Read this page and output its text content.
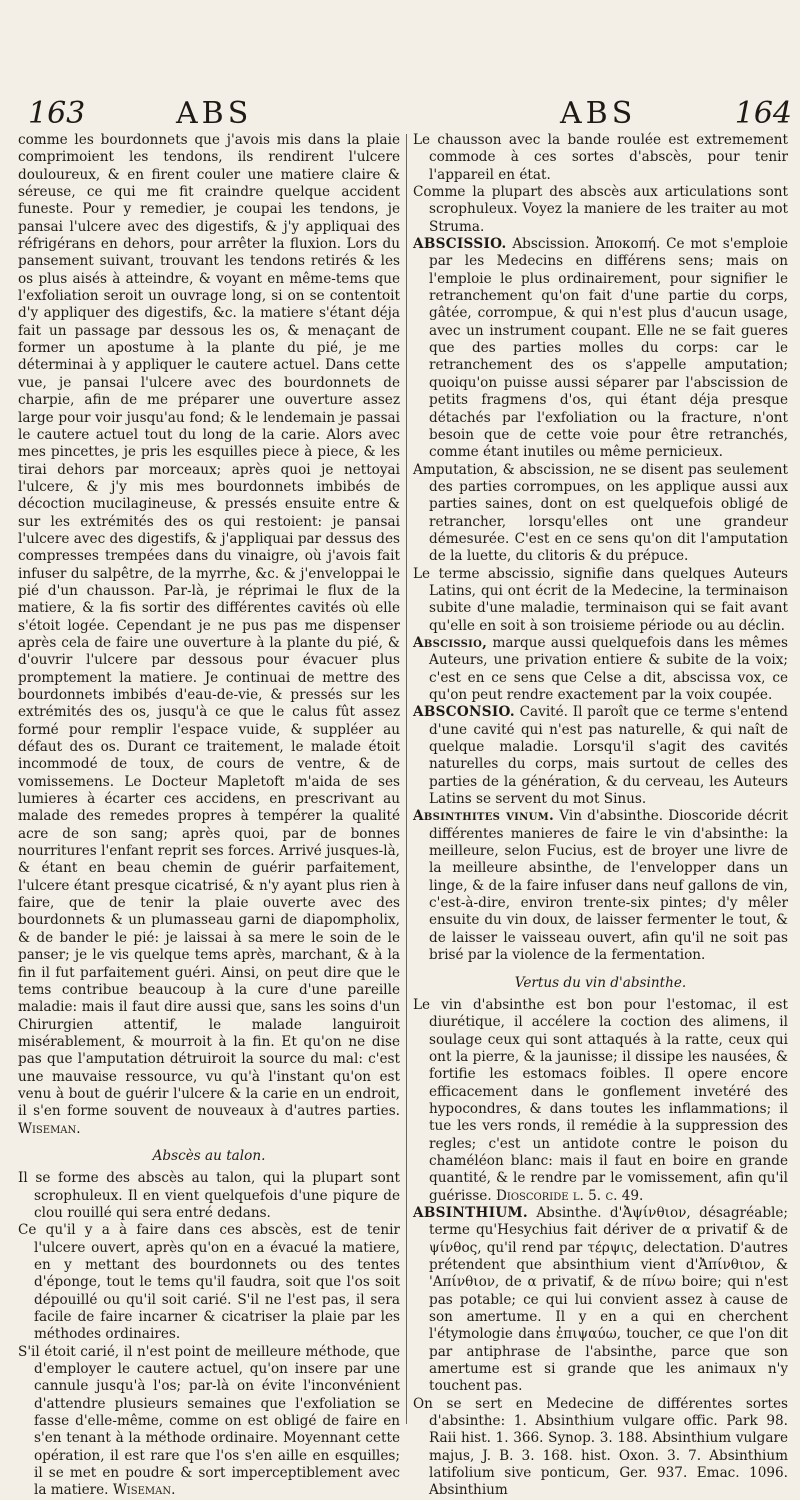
163	ABS	ABS	164

comme les bourdonnets que j'avois mis dans la plaie comprimoient les tendons, ils rendirent l'ulcere douloureux, & en firent couler une matiere claire & séreuse, ce qui me fit craindre quelque accident funeste. Pour y remedier, je coupai les tendons, je pansai l'ulcere avec des digestifs, & j'y appliquai des réfrigérans en dehors, pour arrêter la fluxion. Lors du pansement suivant, trouvant les tendons retirés & les os plus aisés à atteindre, & voyant en même-tems que l'exfoliation seroit un ouvrage long, si on se contentoit d'y appliquer des digestifs, &c. la matiere s'étant déja fait un passage par dessous les os, & menaçant de former un apostume à la plante du pié, je me déterminai à y appliquer le cautere actuel. Dans cette vue, je pansai l'ulcere avec des bourdonnets de charpie, afin de me préparer une ouverture assez large pour voir jusqu'au fond; & le lendemain je passai le cautere actuel tout du long de la carie. Alors avec mes pincettes, je pris les esquilles piece à piece, & les tirai dehors par morceaux; après quoi je nettoyai l'ulcere, & j'y mis mes bourdonnets imbibés de décoction mucilagineuse, & pressés ensuite entre & sur les extrémités des os qui restoient: je pansai l'ulcere avec des digestifs, & j'appliquai par dessus des compresses trempées dans du vinaigre, où j'avois fait infuser du salpêtre, de la myrrhe, &c. & j'enveloppai le pié d'un chausson. Par-là, je réprimai le flux de la matiere, & la fis sortir des différentes cavités où elle s'étoit logée. Cependant je ne pus pas me dispenser après cela de faire une ouverture à la plante du pié, & d'ouvrir l'ulcere par dessous pour évacuer plus promptement la matiere. Je continuai de mettre des bourdonnets imbibés d'eau-de-vie, & pressés sur les extrémités des os, jusqu'à ce que le calus fût assez formé pour remplir l'espace vuide, & suppléer au défaut des os. Durant ce traitement, le malade étoit incommodé de toux, de cours de ventre, & de vomissemens. Le Docteur Mapletoft m'aida de ses lumieres à écarter ces accidens, en prescrivant au malade des remedes propres à tempérer la qualité acre de son sang; après quoi, par de bonnes nourritures l'enfant reprit ses forces. Arrivé jusques-là, & étant en beau chemin de guérir parfaitement, l'ulcere étant presque cicatrisé, & n'y ayant plus rien à faire, que de tenir la plaie ouverte avec des bourdonnets & un plumasseau garni de diapompholix, & de bander le pié: je laissai à sa mere le soin de le panser; je le vis quelque tems après, marchant, & à la fin il fut parfaitement guéri. Ainsi, on peut dire que le tems contribue beaucoup à la cure d'une pareille maladie: mais il faut dire aussi que, sans les soins d'un Chirurgien attentif, le malade languiroit misérablement, & mourroit à la fin. Et qu'on ne dise pas que l'amputation détruiroit la source du mal: c'est une mauvaise ressource, vu qu'à l'instant qu'on est venu à bout de guérir l'ulcere & la carie en un endroit, il s'en forme souvent de nouveaux à d'autres parties. Wiseman.

Abscès au talon.

Il se forme des abscès au talon, qui la plupart sont scrophuleux. Il en vient quelquefois d'une piqure de clou rouillé qui sera entré dedans.

Ce qu'il y a à faire dans ces abscès, est de tenir l'ulcere ouvert, après qu'on en a évacué la matiere, en y mettant des bourdonnets ou des tentes d'éponge, tout le tems qu'il faudra, soit que l'os soit dépouillé ou qu'il soit carié. S'il ne l'est pas, il sera facile de faire incarner & cicatriser la plaie par les méthodes ordinaires.

S'il étoit carié, il n'est point de meilleure méthode, que d'employer le cautere actuel, qu'on insere par une cannule jusqu'à l'os; par-là on évite l'inconvénient d'attendre plusieurs semaines que l'exfoliation se fasse d'elle-même, comme on est obligé de faire en s'en tenant à la méthode ordinaire. Moyennant cette opération, il est rare que l'os s'en aille en esquilles; il se met en poudre & sort imperceptiblement avec la matiere. Wiseman.

Le chausson avec la bande roulée est extremement commode à ces sortes d'abscès, pour tenir l'appareil en état.

Comme la plupart des abscès aux articulations sont scrophuleux. Voyez la maniere de les traiter au mot Struma.

ABSCISSIO. Abscission. Ἀποκοπή. Ce mot s'emploie par les Medecins en différens sens; mais on l'emploie le plus ordinairement, pour signifier le retranchement qu'on fait d'une partie du corps, gâtée, corrompue, & qui n'est plus d'aucun usage, avec un instrument coupant. Elle ne se fait gueres que des parties molles du corps: car le retranchement des os s'appelle amputation; quoiqu'on puisse aussi séparer par l'abscission de petits fragmens d'os, qui étant déja presque détachés par l'exfoliation ou la fracture, n'ont besoin que de cette voie pour être retranchés, comme étant inutiles ou même pernicieux.

Amputation, & abscission, ne se disent pas seulement des parties corrompues, on les applique aussi aux parties saines, dont on est quelquefois obligé de retrancher, lorsqu'elles ont une grandeur démesurée. C'est en ce sens qu'on dit l'amputation de la luette, du clitoris & du prépuce.

Le terme abscissio, signifie dans quelques Auteurs Latins, qui ont écrit de la Medecine, la terminaison subite d'une maladie, terminaison qui se fait avant qu'elle en soit à son troisieme période ou au déclin.

Abscissio, marque aussi quelquefois dans les mêmes Auteurs, une privation entiere & subite de la voix; c'est en ce sens que Celse a dit, abscissa vox, ce qu'on peut rendre exactement par la voix coupée.

ABSCONSIO. Cavité. Il paroît que ce terme s'entend d'une cavité qui n'est pas naturelle, & qui naît de quelque maladie. Lorsqu'il s'agit des cavités naturelles du corps, mais surtout de celles des parties de la génération, & du cerveau, les Auteurs Latins se servent du mot Sinus.

Absinthites vinum. Vin d'absinthe. Dioscoride décrit différentes manieres de faire le vin d'absinthe: la meilleure, selon Fucius, est de broyer une livre de la meilleure absinthe, de l'envelopper dans un linge, & de la faire infuser dans neuf gallons de vin, c'est-à-dire, environ trente-six pintes; d'y mêler ensuite du vin doux, de laisser fermenter le tout, & de laisser le vaisseau ouvert, afin qu'il ne soit pas brisé par la violence de la fermentation.

Vertus du vin d'absinthe.

Le vin d'absinthe est bon pour l'estomac, il est diurétique, il accélere la coction des alimens, il soulage ceux qui sont attaqués à la ratte, ceux qui ont la pierre, & la jaunisse; il dissipe les nausées, & fortifie les estomacs foibles. Il opere encore efficacement dans le gonflement invetéré des hypocondres, & dans toutes les inflammations; il tue les vers ronds, il remédie à la suppression des regles; c'est un antidote contre le poison du chaméléon blanc: mais il faut en boire en grande quantité, & le rendre par le vomissement, afin qu'il guérisse. Dioscoride l. 5. c. 49.

ABSINTHIUM. Absinthe. d'Ἀψίνθιον, désagréable; terme qu'Hesychius fait dériver de α privatif & de ψίνθος, qu'il rend par τέρψις, delectation. D'autres prétendent que absinthium vient d'Ἀπίνθιον, & 'Απίνθιον, de α privatif, & de πίνω boire; qui n'est pas potable; ce qui lui convient assez à cause de son amertume. Il y en a qui en cherchent l'étymologie dans ἐπιψαύω, toucher, ce que l'on dit par antiphrase de l'absinthe, parce que son amertume est si grande que les animaux n'y touchent pas.

On se sert en Medecine de différentes sortes d'absinthe: 1. Absinthium vulgare offic. Park 98. Raii hist. 1. 366. Synop. 3. 188. Absinthium vulgare majus, J. B. 3. 168. hist. Oxon. 3. 7. Absinthium latifolium sive ponticum, Ger. 937. Emac. 1096. Absinthium
